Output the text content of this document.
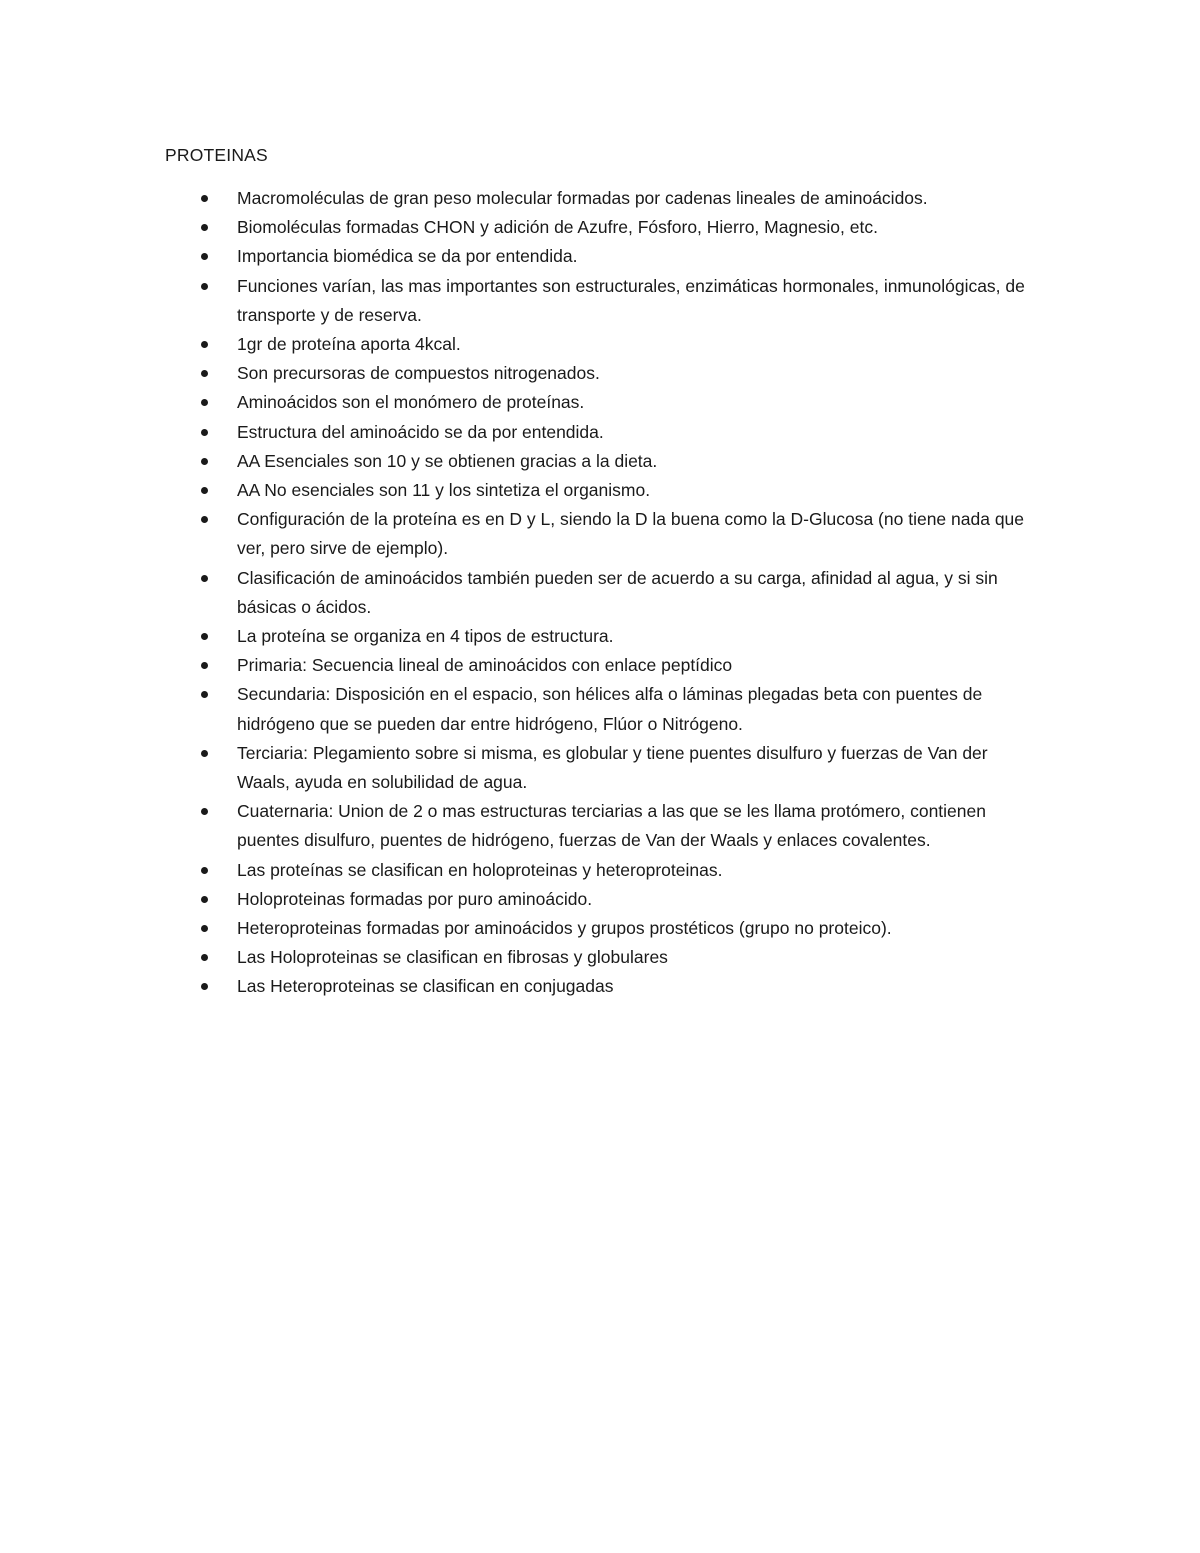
PROTEINAS
Macromoléculas de gran peso molecular formadas por cadenas lineales de aminoácidos.
Biomoléculas formadas CHON y adición de Azufre, Fósforo, Hierro, Magnesio, etc.
Importancia biomédica se da por entendida.
Funciones varían, las mas importantes son estructurales, enzimáticas hormonales, inmunológicas, de transporte y de reserva.
1gr de proteína aporta 4kcal.
Son precursoras de compuestos nitrogenados.
Aminoácidos son el monómero de proteínas.
Estructura del aminoácido se da por entendida.
AA Esenciales son 10 y se obtienen gracias a la dieta.
AA No esenciales son 11 y los sintetiza el organismo.
Configuración de la proteína es en D y L, siendo la D la buena como la D-Glucosa (no tiene nada que ver, pero sirve de ejemplo).
Clasificación de aminoácidos también pueden ser de acuerdo a su carga, afinidad al agua, y si sin básicas o ácidos.
La proteína se organiza en 4 tipos de estructura.
Primaria: Secuencia lineal de aminoácidos con enlace peptídico
Secundaria: Disposición en el espacio, son hélices alfa o láminas plegadas beta con puentes de hidrógeno que se pueden dar entre hidrógeno, Flúor o Nitrógeno.
Terciaria: Plegamiento sobre si misma, es globular y tiene puentes disulfuro y fuerzas de Van der Waals, ayuda en solubilidad de agua.
Cuaternaria: Union de 2 o mas estructuras terciarias a las que se les llama protómero, contienen puentes disulfuro, puentes de hidrógeno, fuerzas de Van der Waals y enlaces covalentes.
Las proteínas se clasifican en holoproteinas y heteroproteinas.
Holoproteinas formadas por puro aminoácido.
Heteroproteinas formadas por aminoácidos y grupos prostéticos (grupo no proteico).
Las Holoproteinas se clasifican en fibrosas y globulares
Las Heteroproteinas se clasifican en conjugadas
